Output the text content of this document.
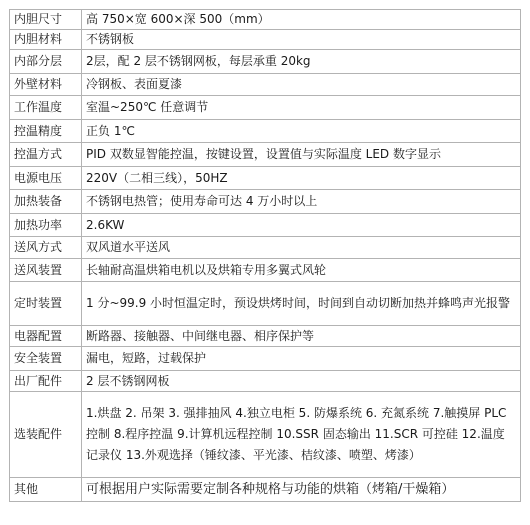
内胆尺寸	高 750×宽 600×深 500（mm）
内胆材料	不锈钢板
内部分层	2层，配 2 层不锈钢网板，每层承重 20kg
外壁材料	冷钢板、表面夏漆
工作温度	室温~250℃ 任意调节
控温精度	正负 1℃
控温方式	PID 双数显智能控温，按键设置，设置值与实际温度 LED 数字显示
电源电压	220V（二相三线），50HZ
加热装备	不锈钢电热管；使用寿命可达 4 万小时以上
加热功率	2.6KW
送风方式	双风道水平送风
送风装置	长轴耐高温烘箱电机以及烘箱专用多翼式风轮
定时装置	1 分~99.9 小时恒温定时，预设烘烤时间，时间到自动切断加热并蜂鸣声光报警
电器配置	断路器、接触器、中间继电器、相序保护等
安全装置	漏电，短路，过载保护
出厂配件	2 层不锈钢网板
选装配件	1.烘盘 2. 吊架 3. 强排抽风 4.独立电柜 5. 防爆系统 6. 充氮系统 7.触摸屏 PLC 控制 8.程序控温 9.计算机远程控制 10.SSR 固态输出 11.SCR 可控硅 12.温度记录仪 13.外观选择（锤纹漆、平光漆、桔纹漆、喷塑、烤漆）
其他	可根据用户实际需要定制各种规格与功能的烘箱（烤箱/干燥箱）
